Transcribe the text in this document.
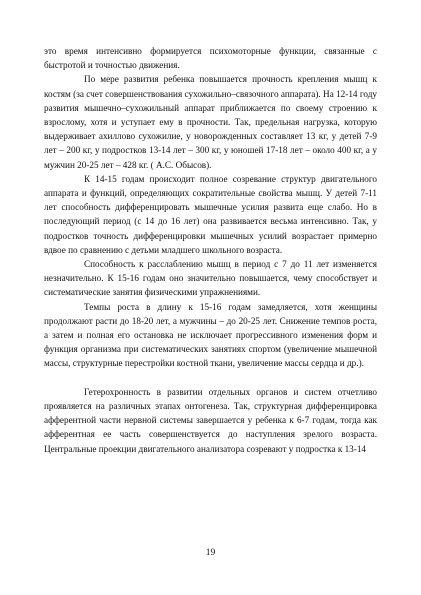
это время интенсивно формируется психомоторные функции, связанные с быстротой и точностью движения.

По мере развития ребенка повышается прочность крепления мышц к костям (за счет совершенствования сухожильно–связочного аппарата). На 12-14 году развития мышечно–сухожильный аппарат приближается по своему строению к взрослому, хотя и уступает ему в прочности. Так, предельная нагрузка, которую выдерживает ахиллово сухожилие, у новорожденных составляет 13 кг, у детей 7-9 лет – 200 кг, у подростков 13-14 лет – 300 кг, у юношей 17-18 лет – около 400 кг, а у мужчин 20-25 лет – 428 кг. ( А.С. Обысов).

К 14-15 годам происходит полное созревание структур двигательного аппарата и функций, определяющих сократительные свойства мышц. У детей 7-11 лет способность дифференцировать мышечные усилия развита еще слабо. Но в последующий период (с 14 до 16 лет) она развивается весьма интенсивно. Так, у подростков точность дифференцировки мышечных усилий возрастает примерно вдвое по сравнению с детьми младшего школьного возраста.

Способность к расслаблению мышц в период с 7 до 11 лет изменяется незначительно. К 15-16 годам оно значительно повышается, чему способствует и систематические занятия физическими упражнениями.

Темпы роста в длину к 15-16 годам замедляется, хотя женщины продолжают расти до 18-20 лет, а мужчины – до 20-25 лет. Снижение темпов роста, а затем и полная его остановка не исключает прогрессивного изменения форм и функция организма при систематических занятиях спортом (увеличение мышечной массы, структурные перестройки костной ткани, увеличение массы сердца и др.).

Гетерохронность в развитии отдельных органов и систем отчетливо проявляется на различных этапах онтогенеза. Так, структурная дифференцировка афферентной части нервной системы завершается у ребенка к 6-7 годам, тогда как афферентная ее часть совершенствуется до наступления зрелого возраста. Центральные проекции двигательного анализатора созревают у подростка к 13-14

19
